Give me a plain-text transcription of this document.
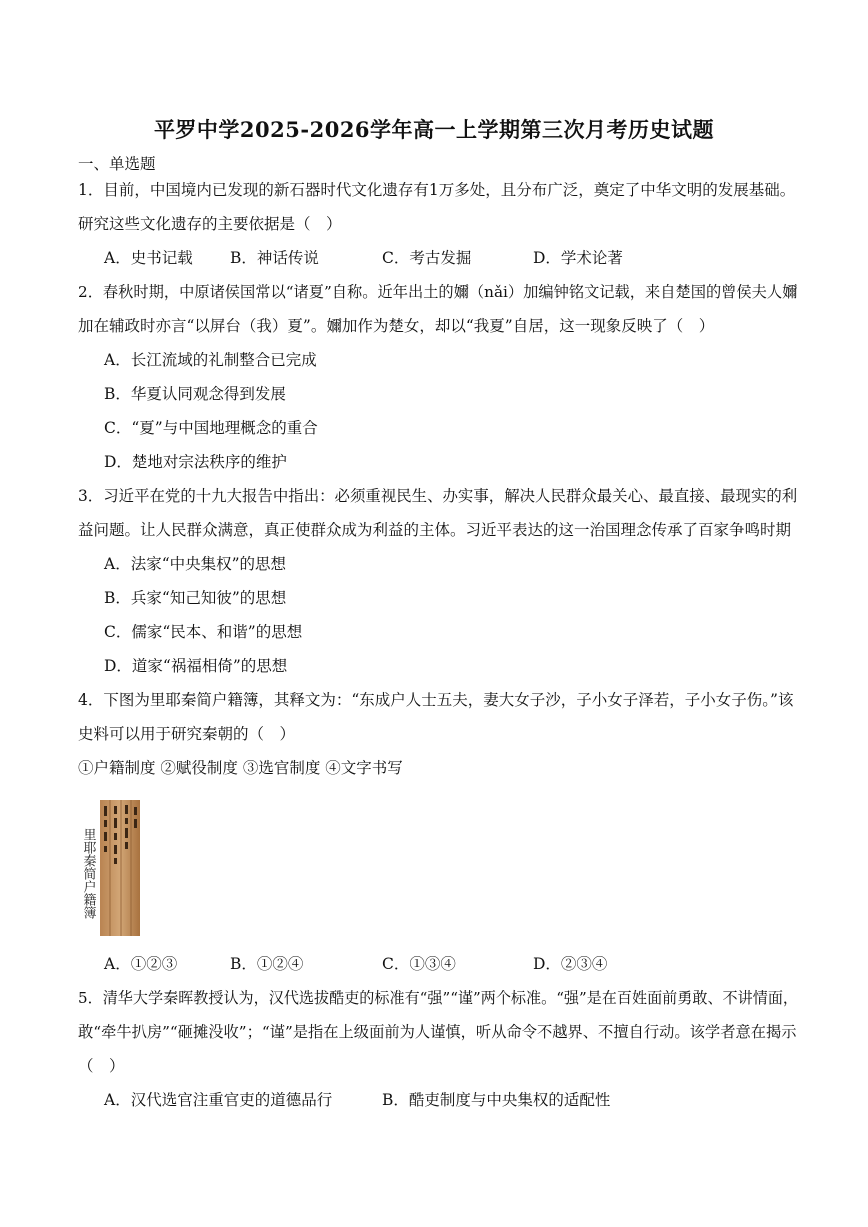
平罗中学2025-2026学年高一上学期第三次月考历史试题
一、单选题
1．目前，中国境内已发现的新石器时代文化遗存有1万多处，且分布广泛，奠定了中华文明的发展基础。
研究这些文化遗存的主要依据是（　）
A．史书记载 B．神话传说	C．考古发掘	D．学术论著
2．春秋时期，中原诸侯国常以“诸夏”自称。近年出土的嬭（nǎi）加编钟铭文记载，来自楚国的曾侯夫人嬭
加在辅政时亦言“以屏台（我）夏”。嬭加作为楚女，却以“我夏”自居，这一现象反映了（　）
A．长江流域的礼制整合已完成
B．华夏认同观念得到发展
C．“夏”与中国地理概念的重合
D．楚地对宗法秩序的维护
3．习近平在党的十九大报告中指出：必须重视民生、办实事，解决人民群众最关心、最直接、最现实的利
益问题。让人民群众满意，真正使群众成为利益的主体。习近平表达的这一治国理念传承了百家争鸣时期
A．法家“中央集权”的思想
B．兵家“知己知彼”的思想
C．儒家“民本、和谐”的思想
D．道家“祸福相倚”的思想
4．下图为里耶秦简户籍簿，其释文为：“东成户人士五夫，妻大女子沙，子小女子泽若，子小女子伤。”该
史料可以用于研究秦朝的（　）
①户籍制度 ②赋役制度 ③选官制度 ④文字书写
里耶秦简户籍簿
A．①②③	B．①②④	C．①③④	D．②③④
5．清华大学秦晖教授认为，汉代选拔酷吏的标准有“强”“谨”两个标准。“强”是在百姓面前勇敢、不讲情面，
敢“牵牛扒房”“砸摊没收”；“谨”是指在上级面前为人谨慎，听从命令不越界、不擅自行动。该学者意在揭示
（　）
A．汉代选官注重官吏的道德品行	B．酷吏制度与中央集权的适配性
